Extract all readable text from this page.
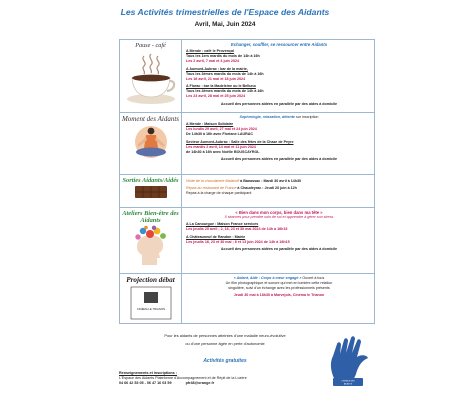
Les Activités trimestrielles de l'Espace des Aidants
Avril, Mai, Juin 2024
Pause - café	Echanger, souffler, se ressourcer entre Aidants
A Mende : café le Provençal
Tous les 1ers mardis du mois de 14h à 16h
Les 2 avril, 7 mai et 4 juin 2024
A Aumont-Aubrac : bar de la mairie,
Tous les 3èmes mardis du mois de 14h à 16h
Les 16 avril, 21 mai et 18 juin 2024
A Florac : bar la Madeleine ou le Belluno
Tous les 4èmes mardis du mois de 14h à 16h
Les 23 avril, 28 mai et 25 juin 2024
Accueil des personnes aidées en parallèle par des aides à domicile
Moment des Aidants	Sophrologie, relaxation, détente sur inscription
A Mende : Maison Solidaire
Les lundis 29 avril, 27 mai et 24 juin 2024
De 14h30 à 16h avec Floriane LAURAC
Secteur Aumont-Aubrac : Salle des fêtes de la Chaze de Peyre
Les mardis 2 avril, 14 mai et 11 juin 2024
de 14h30 à 16h avec Noëlle BOUSCAYROL
Accueil des personnes aidées en parallèle par des aides à domicile
Sorties Aidants/Aidés	Visite de la chocolaterie Malakoff à Banassac : Mardi 30 avril à 14h30
Repas au restaurant de France à Chaudeyrac : Jeudi 20 juin à 12h
Repas à la charge de chaque participant
Ateliers Bien-être des Aidants
« Bien dans mon corps, bien dans ma tête »
5 séances pour prendre soin de soi et apprendre à gérer son stress
A La Canourgue : Maison France services
Les jeudis 25 avril ; 2, 16, 23 et 30 mai 2024 de 14h à 16h15
A Châteauneuf de Randon : Mairie
Les jeudis 16, 23 et 30 mai ; 6 et 13 juin 2024 de 14h à 16h15
Accueil des personnes aidées en parallèle par des aides à domicile
Projection débat
CINÉMA LE TRIANON
« Aidant, Aidé : Corps à cœur engagé » Ouvert à tous
Un film photographique et sonore qui met en lumière cette relation
singulière, suivi d'un échange avec les professionnels présents
Jeudi 30 mai à 18h30 à Marvejols, Cinéma le Trianon
Pour les aidants de personnes atteintes d'une maladie neuro-évolutive
ou d'une personne âgée en perte d'autonomie
Activités gratuites
Renseignements et inscriptions :
L'Espace des Aidants Plateforme d'Accompagnement et de Répit de la Lozère
04 66 42 53 05 - 06 47 16 03 59	pfr48@orange.fr	L'ESPACE DES
AIDANTS
